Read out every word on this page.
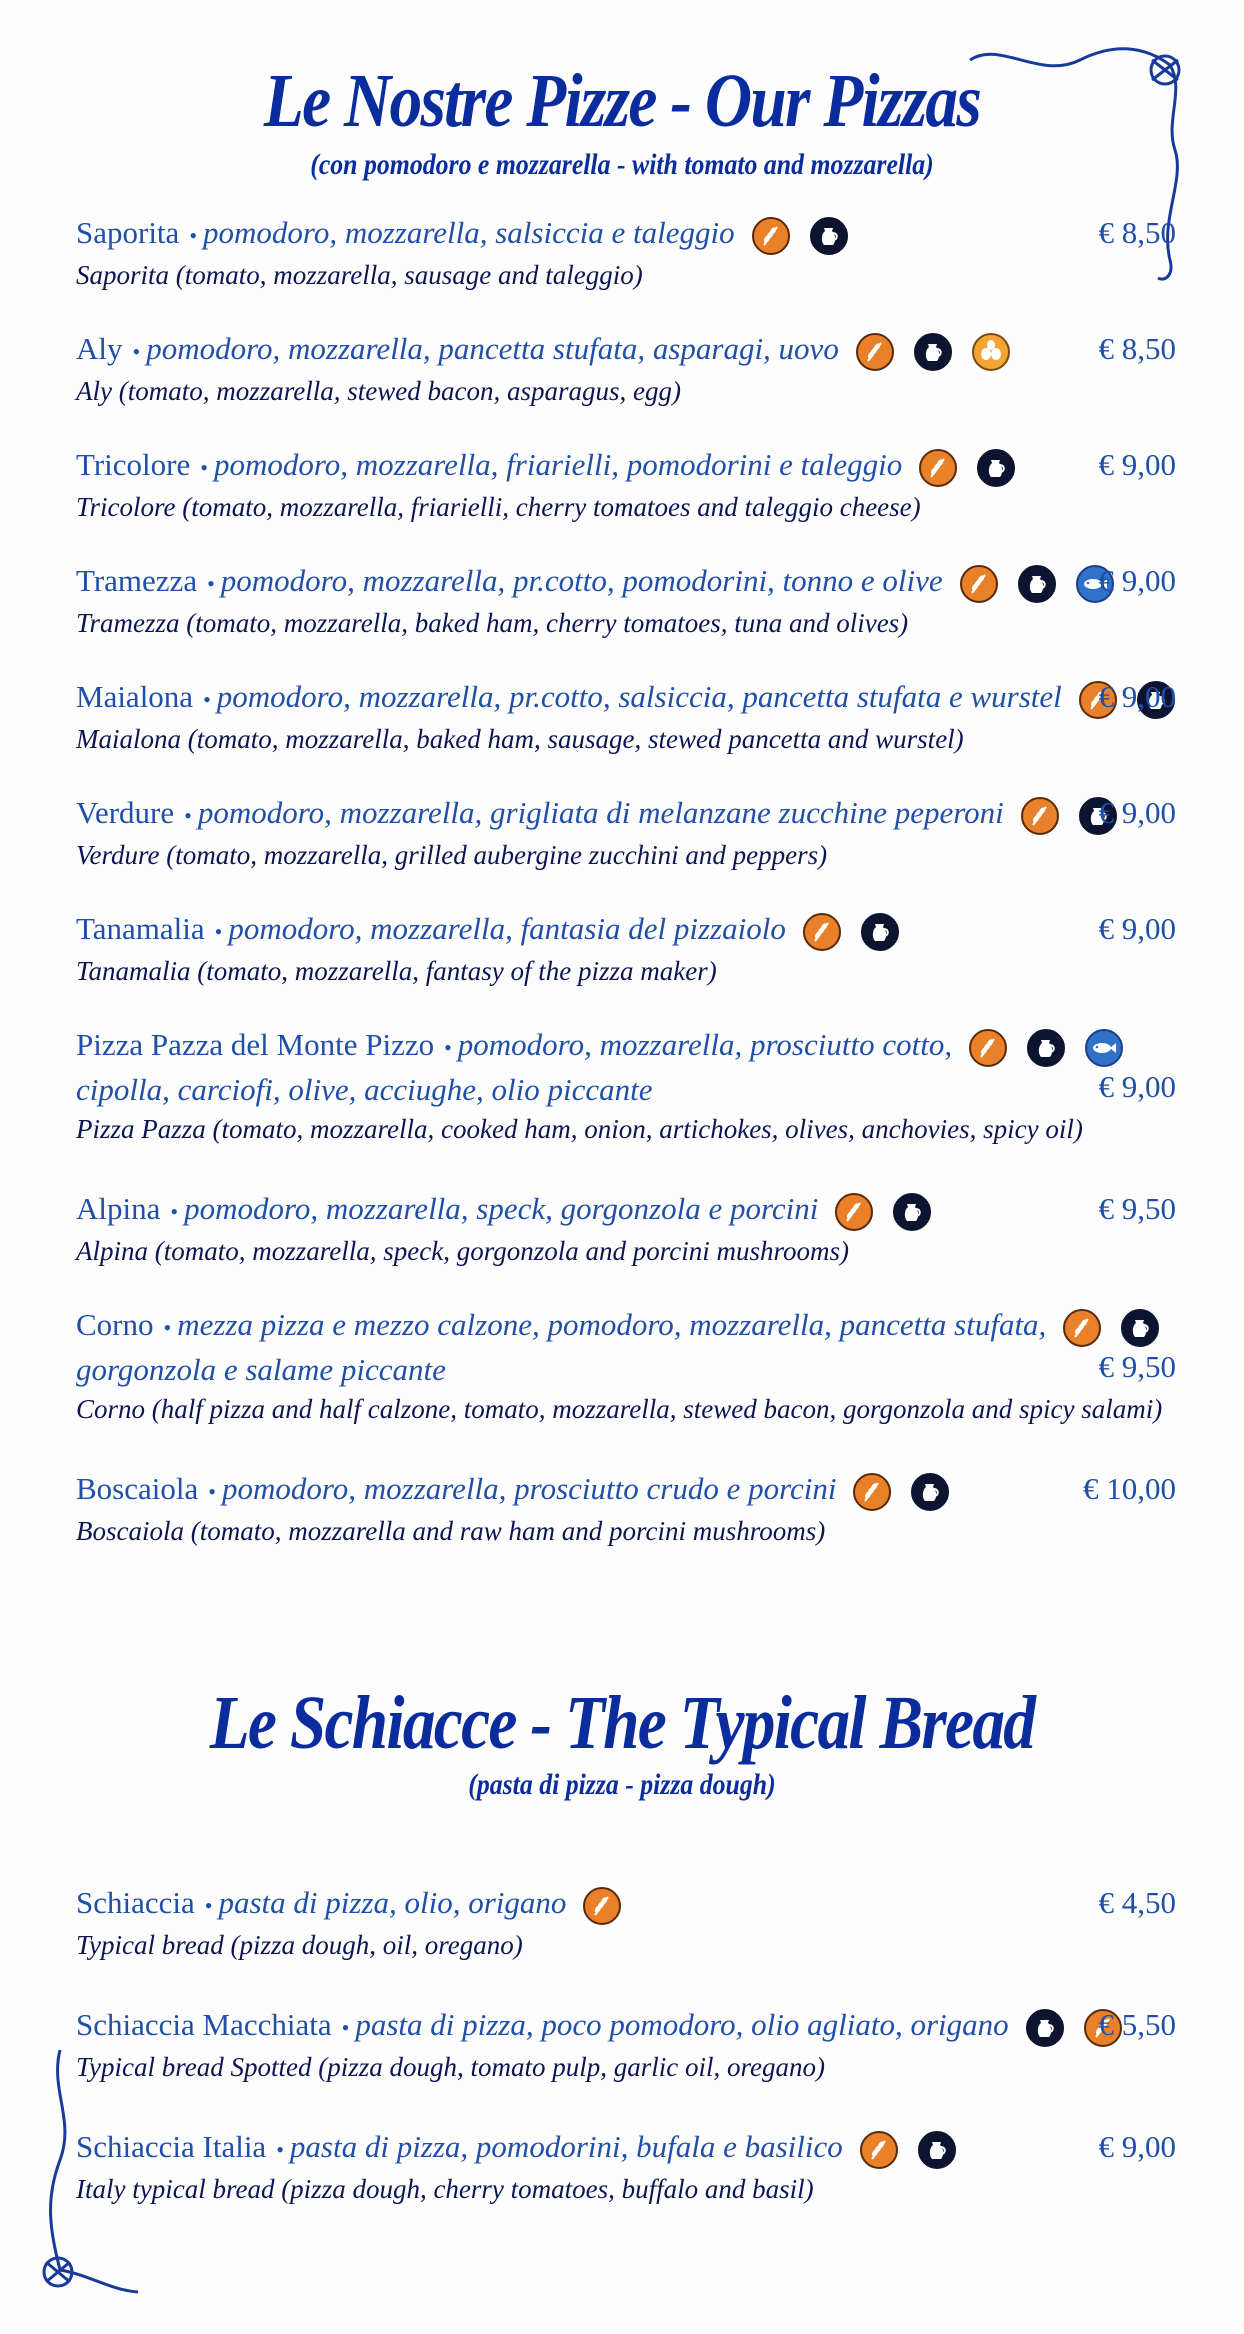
Le Nostre Pizze - Our Pizzas
(con pomodoro e mozzarella - with tomato and mozzarella)
Saporita • pomodoro, mozzarella, salsiccia e taleggio
Saporita (tomato, mozzarella, sausage and taleggio)
€ 8,50
Aly • pomodoro, mozzarella, pancetta stufata, asparagi, uovo
Aly (tomato, mozzarella, stewed bacon, asparagus, egg)
€ 8,50
Tricolore • pomodoro, mozzarella, friarielli, pomodorini e taleggio
Tricolore (tomato, mozzarella, friarielli, cherry tomatoes and taleggio cheese)
€ 9,00
Tramezza • pomodoro, mozzarella, pr.cotto, pomodorini, tonno e olive
Tramezza (tomato, mozzarella, baked ham, cherry tomatoes, tuna and olives)
€ 9,00
Maialona • pomodoro, mozzarella, pr.cotto, salsiccia, pancetta stufata e wurstel
Maialona (tomato, mozzarella, baked ham, sausage, stewed pancetta and wurstel)
€ 9,00
Verdure • pomodoro, mozzarella, grigliata di melanzane zucchine peperoni
Verdure (tomato, mozzarella, grilled aubergine zucchini and peppers)
€ 9,00
Tanamalia • pomodoro, mozzarella, fantasia del pizzaiolo
Tanamalia (tomato, mozzarella, fantasy of the pizza maker)
€ 9,00
Pizza Pazza del Monte Pizzo • pomodoro, mozzarella, prosciutto cotto,
cipolla, carciofi, olive, acciughe, olio piccante
Pizza Pazza (tomato, mozzarella, cooked ham, onion, artichokes, olives, anchovies, spicy oil)
€ 9,00
Alpina • pomodoro, mozzarella, speck, gorgonzola e porcini
Alpina (tomato, mozzarella, speck, gorgonzola and porcini mushrooms)
€ 9,50
Corno • mezza pizza e mezzo calzone, pomodoro, mozzarella, pancetta stufata,
gorgonzola e salame piccante
Corno (half pizza and half calzone, tomato, mozzarella, stewed bacon, gorgonzola and spicy salami)
€ 9,50
Boscaiola • pomodoro, mozzarella, prosciutto crudo e porcini
Boscaiola (tomato, mozzarella and raw ham and porcini mushrooms)
€ 10,00
Le Schiacce - The Typical Bread
(pasta di pizza - pizza dough)
Schiaccia • pasta di pizza, olio, origano
Typical bread (pizza dough, oil, oregano)
€ 4,50
Schiaccia Macchiata • pasta di pizza, poco pomodoro, olio agliato, origano
Typical bread Spotted (pizza dough, tomato pulp, garlic oil, oregano)
€ 5,50
Schiaccia Italia • pasta di pizza, pomodorini, bufala e basilico
Italy typical bread (pizza dough, cherry tomatoes, buffalo and basil)
€ 9,00
